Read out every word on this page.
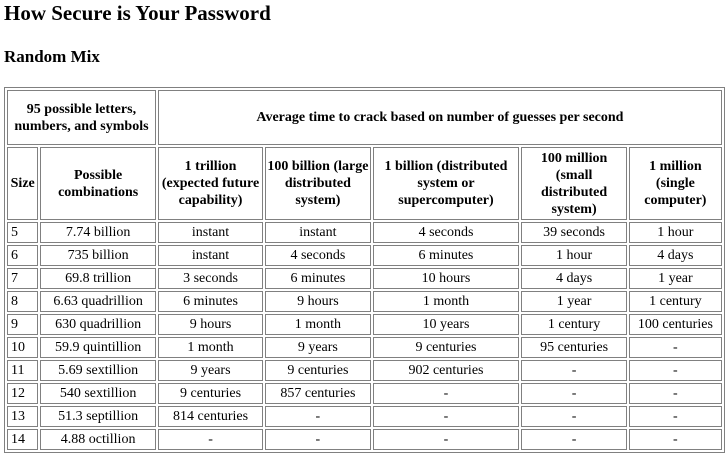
How Secure is Your Password
Random Mix
95 possible letters, numbers, and symbols		Average time to crack based on number of guesses per second				
Size	Possible combinations	1 trillion (expected future capability)	100 billion (large distributed system)	1 billion (distributed system or supercomputer)	100 million (small distributed system)	1 million (single computer)
5	7.74 billion	instant	instant	4 seconds	39 seconds	1 hour
6	735 billion	instant	4 seconds	6 minutes	1 hour	4 days
7	69.8 trillion	3 seconds	6 minutes	10 hours	4 days	1 year
8	6.63 quadrillion	6 minutes	9 hours	1 month	1 year	1 century
9	630 quadrillion	9 hours	1 month	10 years	1 century	100 centuries
10	59.9 quintillion	1 month	9 years	9 centuries	95 centuries	-
11	5.69 sextillion	9 years	9 centuries	902 centuries	-	-
12	540 sextillion	9 centuries	857 centuries	-	-	-
13	51.3 septillion	814 centuries	-	-	-	-
14	4.88 octillion	-	-	-	-	-
